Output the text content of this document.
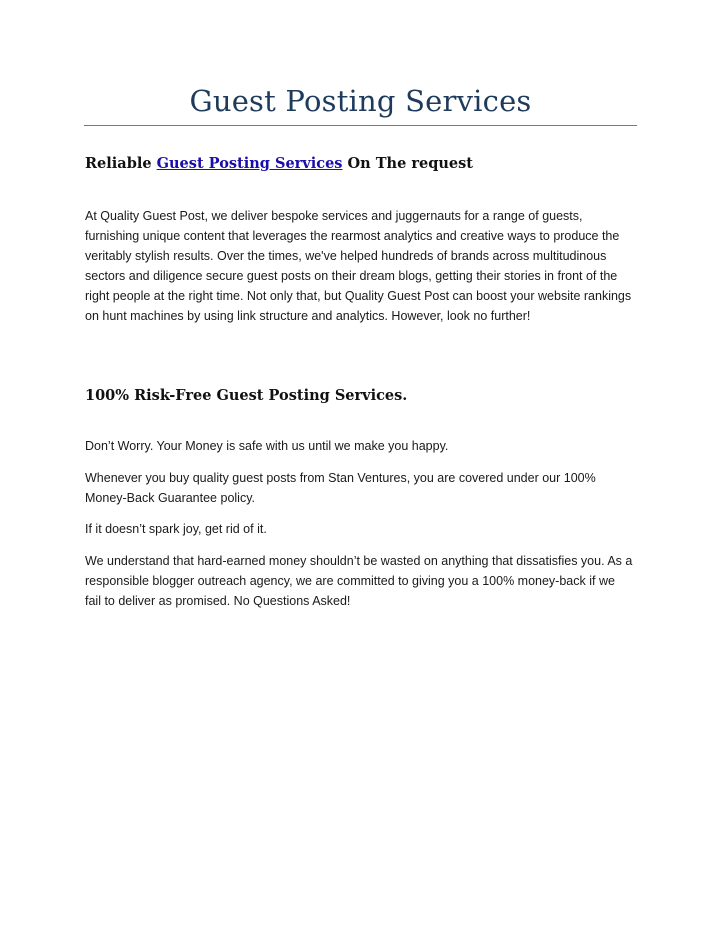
Guest Posting Services
Reliable Guest Posting Services On The request

At Quality Guest Post, we deliver bespoke services and juggernauts for a range of guests, furnishing unique content that leverages the rearmost analytics and creative ways to produce the veritably stylish results. Over the times, we've helped hundreds of brands across multitudinous sectors and diligence secure guest posts on their dream blogs, getting their stories in front of the right people at the right time. Not only that, but Quality Guest Post can boost your website rankings on hunt machines by using link structure and analytics. However, look no further!

100% Risk-Free Guest Posting Services.

Don’t Worry. Your Money is safe with us until we make you happy.

Whenever you buy quality guest posts from Stan Ventures, you are covered under our 100% Money-Back Guarantee policy.

If it doesn’t spark joy, get rid of it.

We understand that hard-earned money shouldn’t be wasted on anything that dissatisfies you. As a responsible blogger outreach agency, we are committed to giving you a 100% money-back if we fail to deliver as promised. No Questions Asked!
